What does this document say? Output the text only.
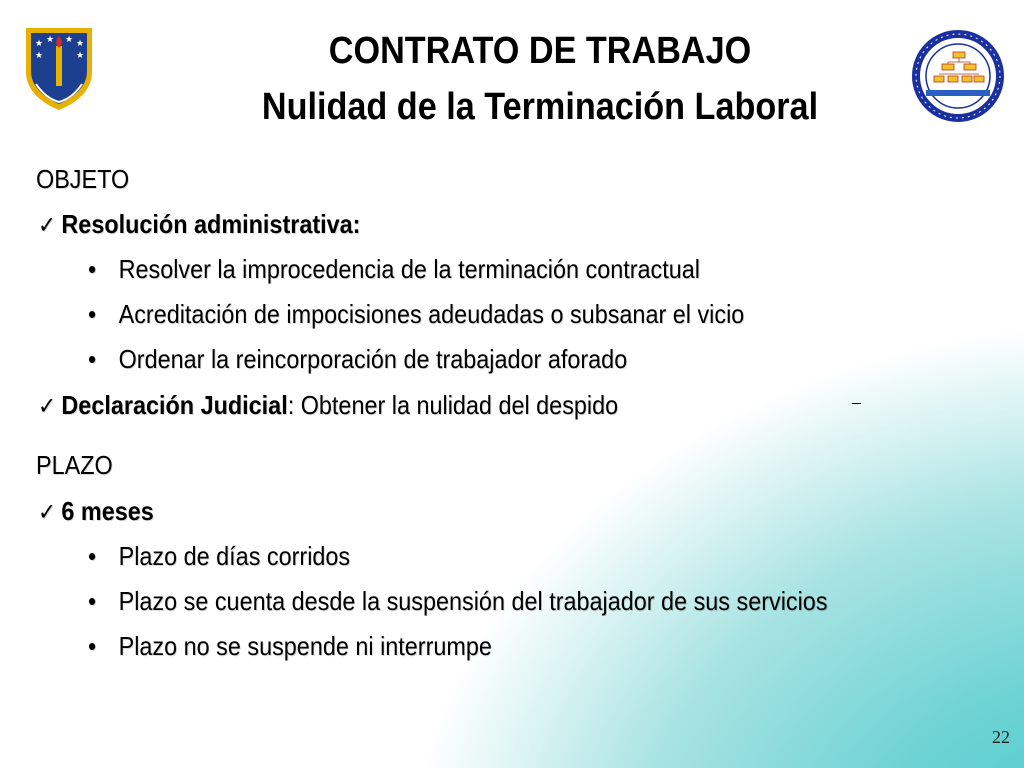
★ ★ ★ ★
★	★	CONTRATO DE TRABAJO
Nulidad de la Terminación Laboral
OBJETO
✓ Resolución administrativa:
• Resolver la improcedencia de la terminación contractual
• Acreditación de impocisiones adeudadas o subsanar el vicio
• Ordenar la reincorporación de trabajador aforado
✓ Declaración Judicial: Obtener la nulidad del despido	_
PLAZO
✓ 6 meses
• Plazo de días corridos
• Plazo se cuenta desde la suspensión del trabajador de sus servicios
• Plazo no se suspende ni interrumpe
22
